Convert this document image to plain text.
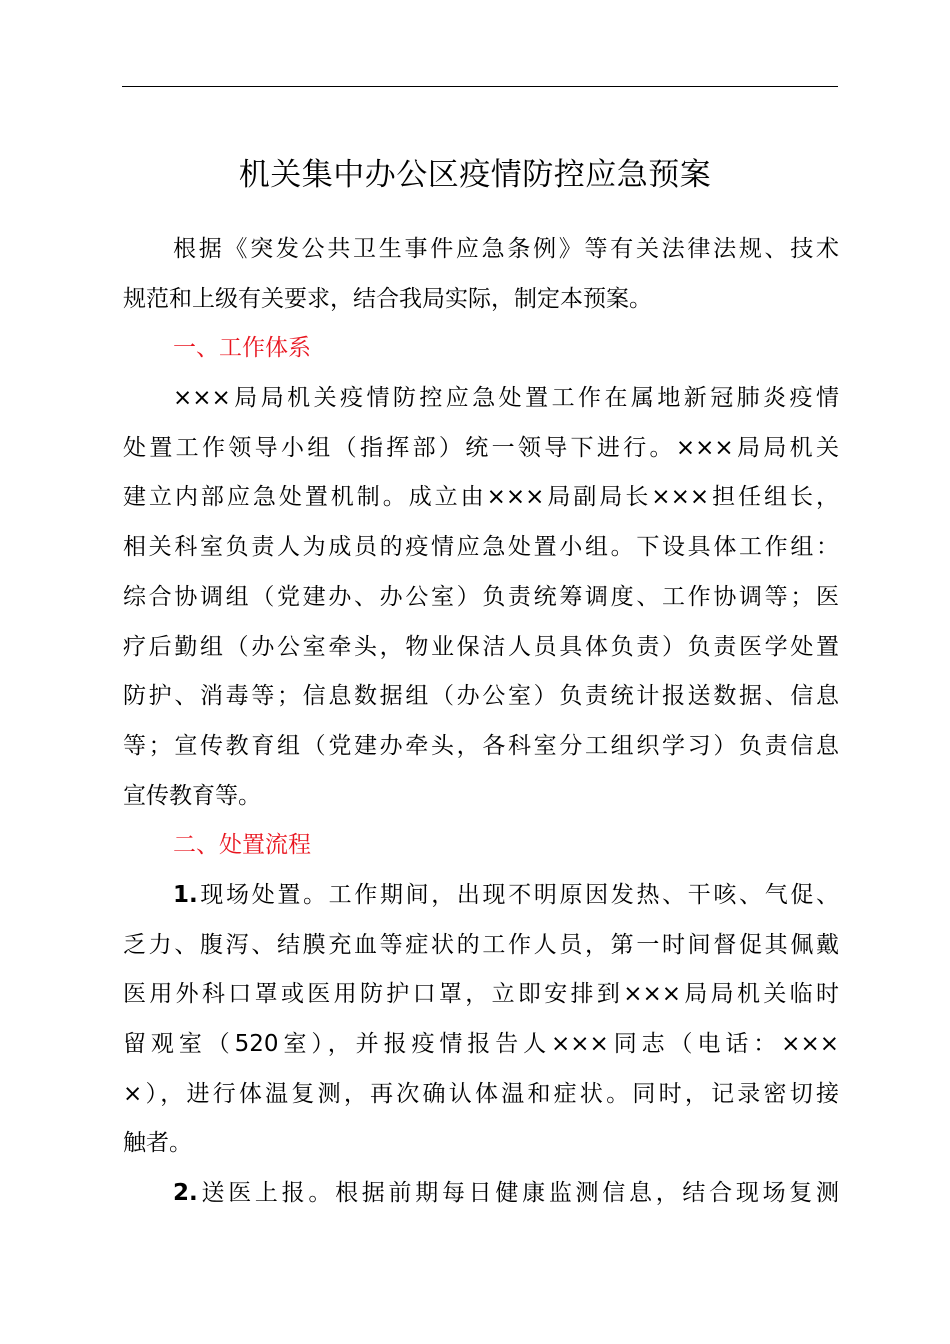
机关集中办公区疫情防控应急预案
根据《突发公共卫生事件应急条例》等有关法律法规、技术
规范和上级有关要求，结合我局实际，制定本预案。
一、工作体系
×××局局机关疫情防控应急处置工作在属地新冠肺炎疫情
处置工作领导小组（指挥部）统一领导下进行。×××局局机关
建立内部应急处置机制。成立由×××局副局长×××担任组长，
相关科室负责人为成员的疫情应急处置小组。下设具体工作组：
综合协调组（党建办、办公室）负责统筹调度、工作协调等；医
疗后勤组（办公室牵头，物业保洁人员具体负责）负责医学处置
防护、消毒等；信息数据组（办公室）负责统计报送数据、信息
等；宣传教育组（党建办牵头，各科室分工组织学习）负责信息
宣传教育等。
二、处置流程
1.现场处置。工作期间，出现不明原因发热、干咳、气促、
乏力、腹泻、结膜充血等症状的工作人员，第一时间督促其佩戴
医用外科口罩或医用防护口罩，立即安排到×××局局机关临时
留观室（520室），并报疫情报告人×××同志（电话：×××
×），进行体温复测，再次确认体温和症状。同时，记录密切接
触者。
2.送医上报。根据前期每日健康监测信息，结合现场复测
